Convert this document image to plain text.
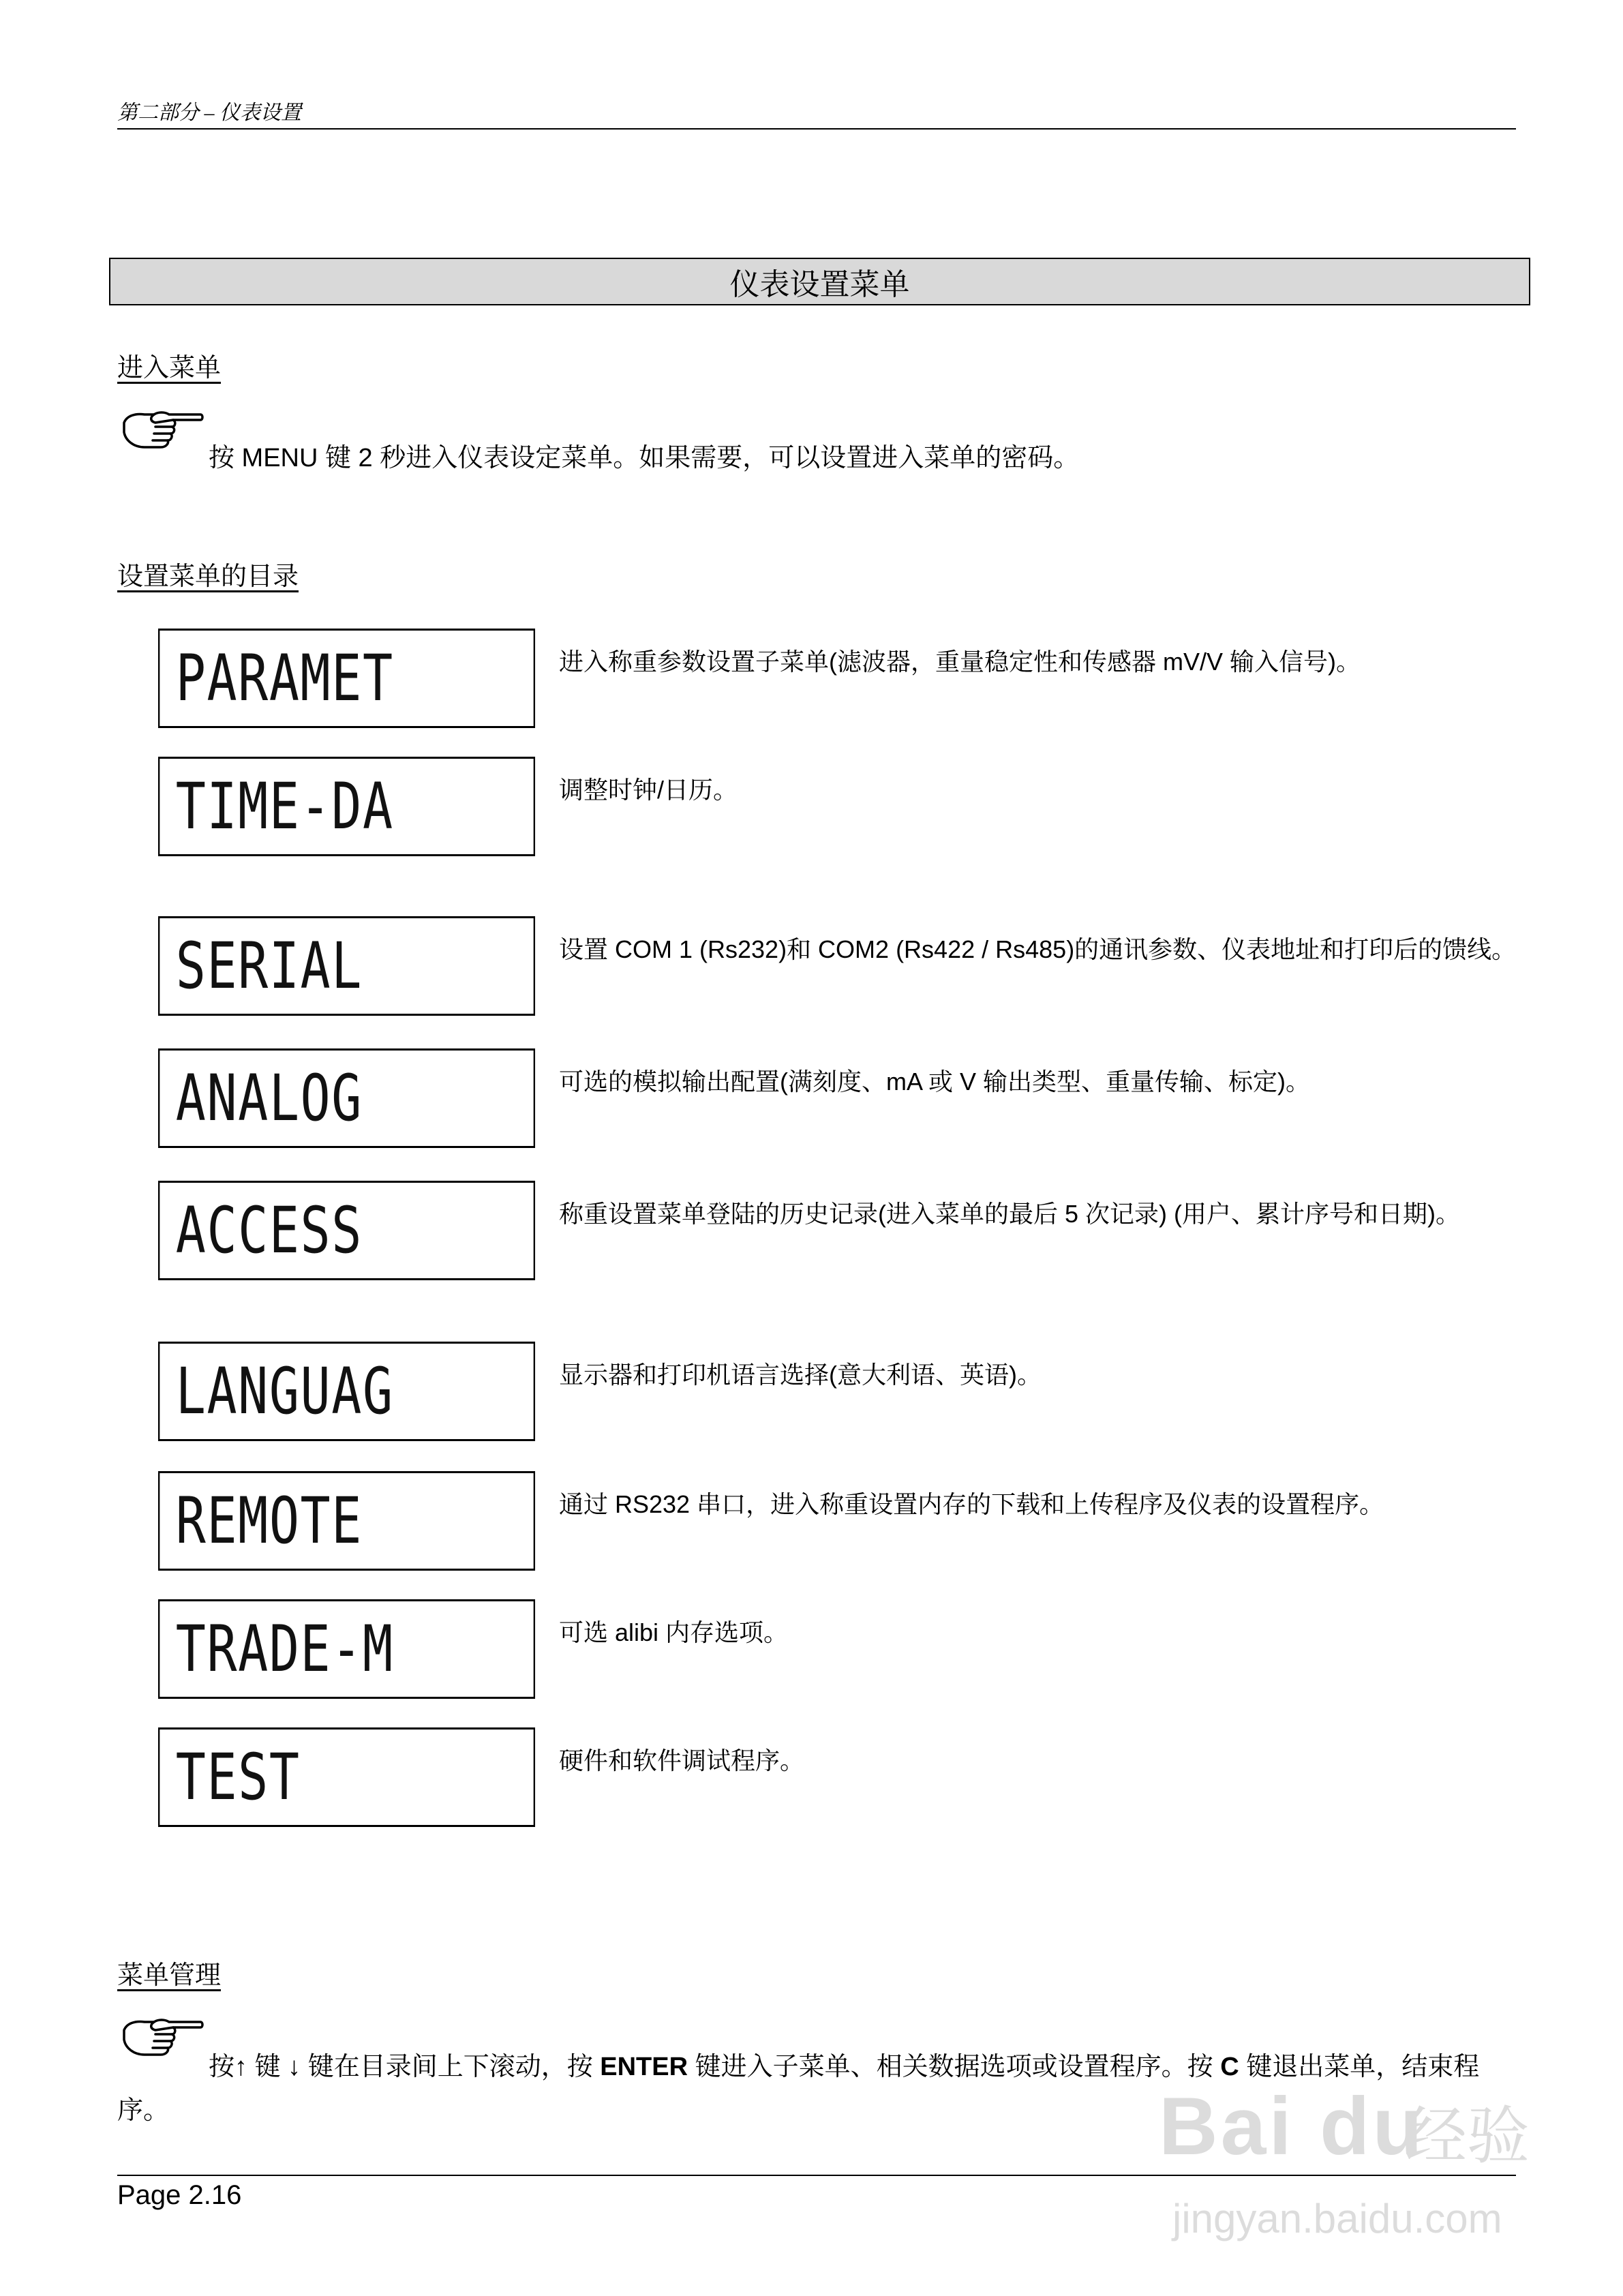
第二部分 – 仪表设置
仪表设置菜单
进入菜单
按 MENU 键 2 秒进入仪表设定菜单。如果需要，可以设置进入菜单的密码。
设置菜单的目录
PARAMET	进入称重参数设置子菜单(滤波器，重量稳定性和传感器 mV/V 输入信号)。
TIME-DA	调整时钟/日历。
SERIAL	设置 COM 1 (Rs232)和 COM2 (Rs422 / Rs485)的通讯参数、仪表地址和打印后的馈线。
ANALOG	可选的模拟输出配置(满刻度、mA 或 V 输出类型、重量传输、标定)。
ACCESS	称重设置菜单登陆的历史记录(进入菜单的最后 5 次记录) (用户、累计序号和日期)。
LANGUAG	显示器和打印机语言选择(意大利语、英语)。
REMOTE	通过 RS232 串口，进入称重设置内存的下载和上传程序及仪表的设置程序。
TRADE-M	可选 alibi 内存选项。
TEST	硬件和软件调试程序。
菜单管理
按↑ 键 ↓ 键在目录间上下滚动，按 ENTER 键进入子菜单、相关数据选项或设置程序。按 C 键退出菜单，结束程序。
Page 2.16
Bai du
经验
jingyan.baidu.com
